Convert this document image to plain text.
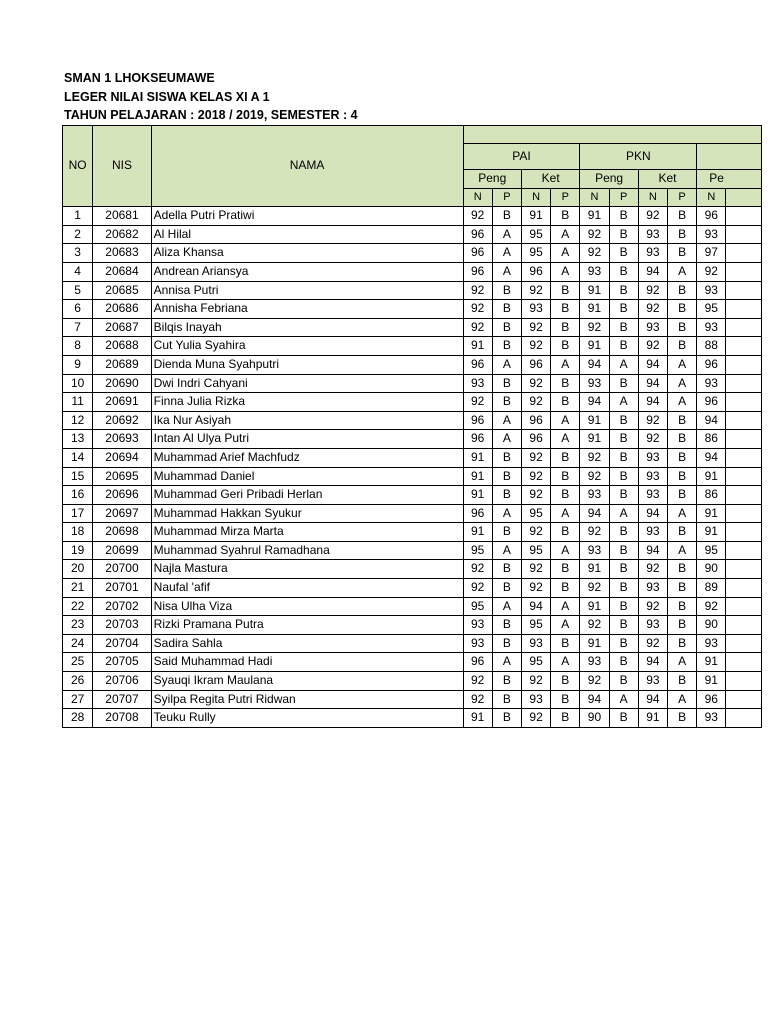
SMAN 1 LHOKSEUMAWE
LEGER NILAI SISWA KELAS XI A 1
TAHUN PELAJARAN : 2018 / 2019, SEMESTER : 4
NO	NIS	NAMA										
			PAI				PKN					
			Peng		Ket		Peng		Ket		Pe	
			N	P	N	P	N	P	N	P	N	
1	20681	Adella Putri Pratiwi	92	B	91	B	91	B	92	B	96	
2	20682	Al Hilal	96	A	95	A	92	B	93	B	93	
3	20683	Aliza Khansa	96	A	95	A	92	B	93	B	97	
4	20684	Andrean Ariansya	96	A	96	A	93	B	94	A	92	
5	20685	Annisa Putri	92	B	92	B	91	B	92	B	93	
6	20686	Annisha Febriana	92	B	93	B	91	B	92	B	95	
7	20687	Bilqis Inayah	92	B	92	B	92	B	93	B	93	
8	20688	Cut Yulia Syahira	91	B	92	B	91	B	92	B	88	
9	20689	Dienda Muna Syahputri	96	A	96	A	94	A	94	A	96	
10	20690	Dwi Indri Cahyani	93	B	92	B	93	B	94	A	93	
11	20691	Finna Julia Rizka	92	B	92	B	94	A	94	A	96	
12	20692	Ika Nur Asiyah	96	A	96	A	91	B	92	B	94	
13	20693	Intan Al Ulya Putri	96	A	96	A	91	B	92	B	86	
14	20694	Muhammad Arief Machfudz	91	B	92	B	92	B	93	B	94	
15	20695	Muhammad Daniel	91	B	92	B	92	B	93	B	91	
16	20696	Muhammad Geri Pribadi Herlan	91	B	92	B	93	B	93	B	86	
17	20697	Muhammad Hakkan Syukur	96	A	95	A	94	A	94	A	91	
18	20698	Muhammad Mirza Marta	91	B	92	B	92	B	93	B	91	
19	20699	Muhammad Syahrul Ramadhana	95	A	95	A	93	B	94	A	95	
20	20700	Najla Mastura	92	B	92	B	91	B	92	B	90	
21	20701	Naufal 'afif	92	B	92	B	92	B	93	B	89	
22	20702	Nisa Ulha Viza	95	A	94	A	91	B	92	B	92	
23	20703	Rizki Pramana Putra	93	B	95	A	92	B	93	B	90	
24	20704	Sadira Sahla	93	B	93	B	91	B	92	B	93	
25	20705	Said Muhammad Hadi	96	A	95	A	93	B	94	A	91	
26	20706	Syauqi Ikram Maulana	92	B	92	B	92	B	93	B	91	
27	20707	Syilpa Regita Putri Ridwan	92	B	93	B	94	A	94	A	96	
28	20708	Teuku Rully	91	B	92	B	90	B	91	B	93	
